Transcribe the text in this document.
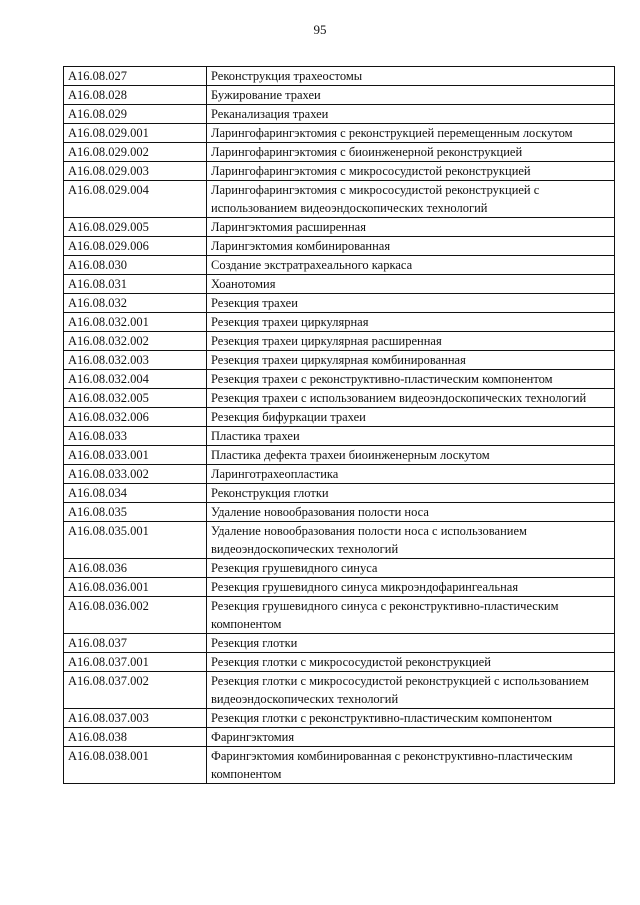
95
A16.08.027	Реконструкция трахеостомы
A16.08.028	Бужирование трахеи
A16.08.029	Реканализация трахеи
A16.08.029.001	Ларингофарингэктомия с реконструкцией перемещенным лоскутом
A16.08.029.002	Ларингофарингэктомия с биоинженерной реконструкцией
A16.08.029.003	Ларингофарингэктомия с микрососудистой реконструкцией
A16.08.029.004	Ларингофарингэктомия с микрососудистой реконструкцией с использованием видеоэндоскопических технологий
A16.08.029.005	Ларингэктомия расширенная
A16.08.029.006	Ларингэктомия комбинированная
A16.08.030	Создание экстратрахеального каркаса
A16.08.031	Хоанотомия
A16.08.032	Резекция трахеи
A16.08.032.001	Резекция трахеи циркулярная
A16.08.032.002	Резекция трахеи циркулярная расширенная
A16.08.032.003	Резекция трахеи циркулярная комбинированная
A16.08.032.004	Резекция трахеи с реконструктивно-пластическим компонентом
A16.08.032.005	Резекция трахеи с использованием видеоэндоскопических технологий
A16.08.032.006	Резекция бифуркации трахеи
A16.08.033	Пластика трахеи
A16.08.033.001	Пластика дефекта трахеи биоинженерным лоскутом
A16.08.033.002	Ларинготрахеопластика
A16.08.034	Реконструкция глотки
A16.08.035	Удаление новообразования полости носа
A16.08.035.001	Удаление новообразования полости носа с использованием видеоэндоскопических технологий
A16.08.036	Резекция грушевидного синуса
A16.08.036.001	Резекция грушевидного синуса микроэндофарингеальная
A16.08.036.002	Резекция грушевидного синуса с реконструктивно-пластическим компонентом
A16.08.037	Резекция глотки
A16.08.037.001	Резекция глотки с микрососудистой реконструкцией
A16.08.037.002	Резекция глотки с микрососудистой реконструкцией с использованием видеоэндоскопических технологий
A16.08.037.003	Резекция глотки с реконструктивно-пластическим компонентом
A16.08.038	Фарингэктомия
A16.08.038.001	Фарингэктомия комбинированная с реконструктивно-пластическим компонентом
